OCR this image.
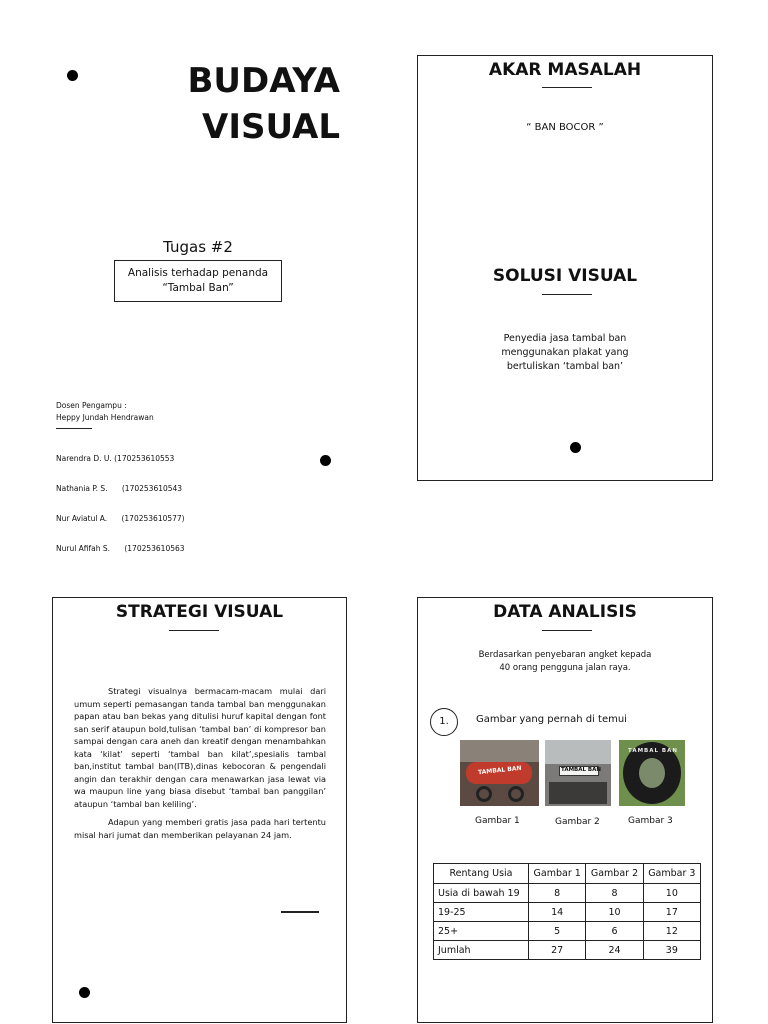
BUDAYA
VISUAL
Tugas #2
Analisis terhadap penanda
“Tambal Ban”
Dosen Pengampu :
Heppy Jundah Hendrawan

Narendra D. U. (170253610553

Nathania P. S.      (170253610543

Nur Aviatul A.      (170253610577)

Nurul Afifah S.      (170253610563

AKAR MASALAH
“ BAN BOCOR ”
SOLUSI VISUAL
Penyedia jasa tambal ban
menggunakan plakat yang
bertuliskan ‘tambal ban’
STRATEGI VISUAL

Strategi visualnya bermacam-macam mulai dari umum seperti pemasangan tanda tambal ban menggunakan papan atau ban bekas yang ditulisi huruf kapital dengan font san serif ataupun bold,tulisan ‘tambal ban’ di kompresor ban sampai dengan cara aneh dan kreatif dengan menambahkan kata ‘kilat’ seperti ‘tambal ban kilat’,spesialis tambal ban,institut tambal ban(ITB),dinas kebocoran & pengendali angin dan terakhir dengan cara menawarkan jasa lewat via wa maupun line yang biasa disebut ‘tambal ban panggilan’ ataupun ‘tambal ban keliling’.

Adapun yang memberi gratis jasa pada hari tertentu misal hari jumat dan memberikan pelayanan 24 jam.

DATA ANALISIS
Berdasarkan penyebaran angket kepada
40 orang pengguna jalan raya.
1.	Gambar yang pernah di temui
TAMBAL BAN	TAMBAL BAN
TAMBAL BAN
Gambar 1	Gambar 2	Gambar 3
Rentang Usia	Gambar 1	Gambar 2	Gambar 3
Usia di bawah 19	8	8	10
19-25	14	10	17
25+	5	6	12
Jumlah	27	24	39
